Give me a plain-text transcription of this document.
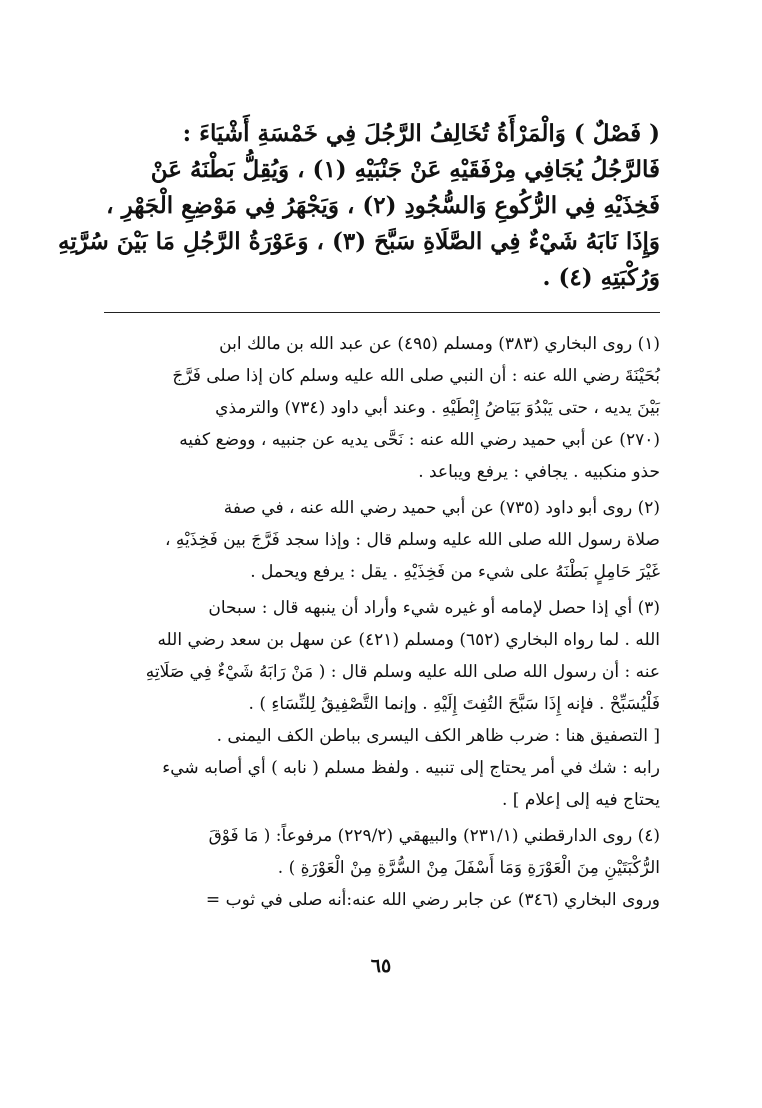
( فَصْلٌ ) وَالْمَرْأَةُ تُخَالِفُ الرَّجُلَ فِي خَمْسَةِ أَشْيَاءَ :
فَالرَّجُلُ يُجَافِي مِرْفَقَيْهِ عَنْ جَنْبَيْهِ (١) ، وَيُقِلُّ بَطْنَهُ عَنْ
فَخِذَيْهِ فِي الرُّكُوعِ وَالسُّجُودِ (٢) ، وَيَجْهَرُ فِي مَوْضِعِ الْجَهْرِ ،
وَإِذَا نَابَهُ شَيْءٌ فِي الصَّلَاةِ سَبَّحَ (٣) ، وَعَوْرَةُ الرَّجُلِ مَا بَيْنَ سُرَّتِهِ
وَرُكْبَتِهِ (٤) .

(١) روى البخاري (٣٨٣) ومسلم (٤٩٥) عن عبد الله بن مالك ابن
بُحَيْنَةَ رضي الله عنه : أن النبي صلى الله عليه وسلم كان إذا صلى فَرَّجَ
بَيْنَ يديه ، حتى يَبْدُوَ بَيَاضُ إِبْطَيْهِ . وعند أبي داود (٧٣٤) والترمذي
(٢٧٠) عن أبي حميد رضي الله عنه : نَحَّى يديه عن جنبيه ، ووضع كفيه
حذو منكبيه . يجافي : يرفع ويباعد .
(٢) روى أبو داود (٧٣٥) عن أبي حميد رضي الله عنه ، في صفة
صلاة رسول الله صلى الله عليه وسلم قال : وإذا سجد فَرَّجَ بين فَخِذَيْهِ ،
غَيْرَ حَامِلٍ بَطْنَهُ على شيء من فَخِذَيْهِ . يقل : يرفع ويحمل .
(٣) أي إذا حصل لإمامه أو غيره شيء وأراد أن ينبهه قال : سبحان
الله . لما رواه البخاري (٦٥٢) ومسلم (٤٢١) عن سهل بن سعد رضي الله
عنه : أن رسول الله صلى الله عليه وسلم قال : ( مَنْ رَابَهُ شَيْءٌ فِي صَلَاتِهِ
فَلْيُسَبِّحْ . فإنه إِذَا سَبَّحَ التُفِتَ إِلَيْهِ . وإنما التَّصْفِيقُ لِلنِّسَاءِ ) .
[ التصفيق هنا : ضرب ظاهر الكف اليسرى بباطن الكف اليمنى .
رابه : شك في أمر يحتاج إلى تنبيه . ولفظ مسلم ( نابه ) أي أصابه شيء
يحتاج فيه إلى إعلام ] .
(٤) روى الدارقطني (٢٣١/١) والبيهقي (٢٢٩/٢) مرفوعاً: ( مَا فَوْقَ
الرُّكْبَتَيْنِ مِنَ الْعَوْرَةِ وَمَا أَسْفَلَ مِنْ السُّرَّةِ مِنْ الْعَوْرَةِ ) .
وروى البخاري (٣٤٦) عن جابر رضي الله عنه:أنه صلى في ثوب =
٦٥
